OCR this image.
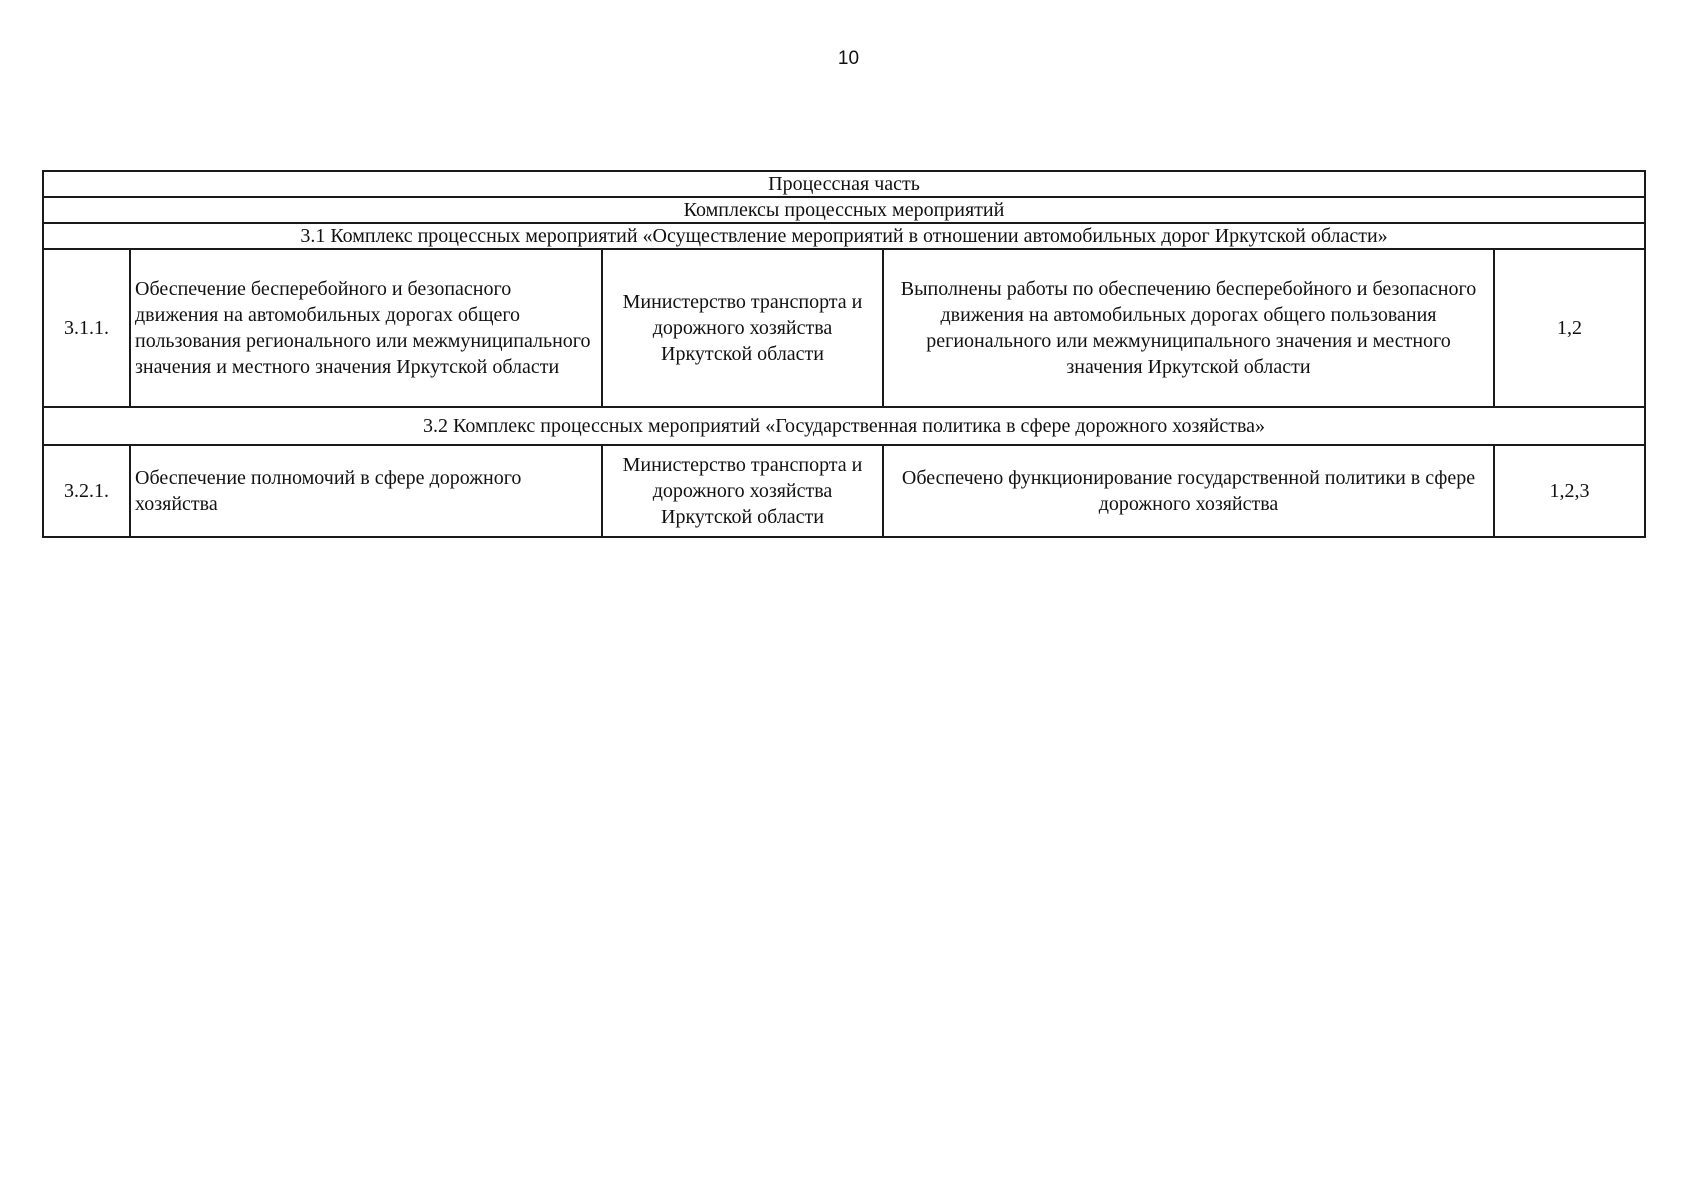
10
Процессная часть				
Комплексы процессных мероприятий				
3.1 Комплекс процессных мероприятий «Осуществление мероприятий в отношении автомобильных дорог Иркутской области»				
3.1.1.	Обеспечение бесперебойного и безопасного движения на автомобильных дорогах общего пользования регионального или межмуниципального значения и местного значения Иркутской области	Министерство транспорта и дорожного хозяйства Иркутской области	Выполнены работы по обеспечению бесперебойного и безопасного движения на автомобильных дорогах общего пользования регионального или межмуниципального значения и местного значения Иркутской области	1,2
3.2 Комплекс процессных мероприятий «Государственная политика в сфере дорожного хозяйства»				
3.2.1.	Обеспечение полномочий в сфере дорожного хозяйства	Министерство транспорта и дорожного хозяйства Иркутской области	Обеспечено функционирование государственной политики в сфере дорожного хозяйства	1,2,3
